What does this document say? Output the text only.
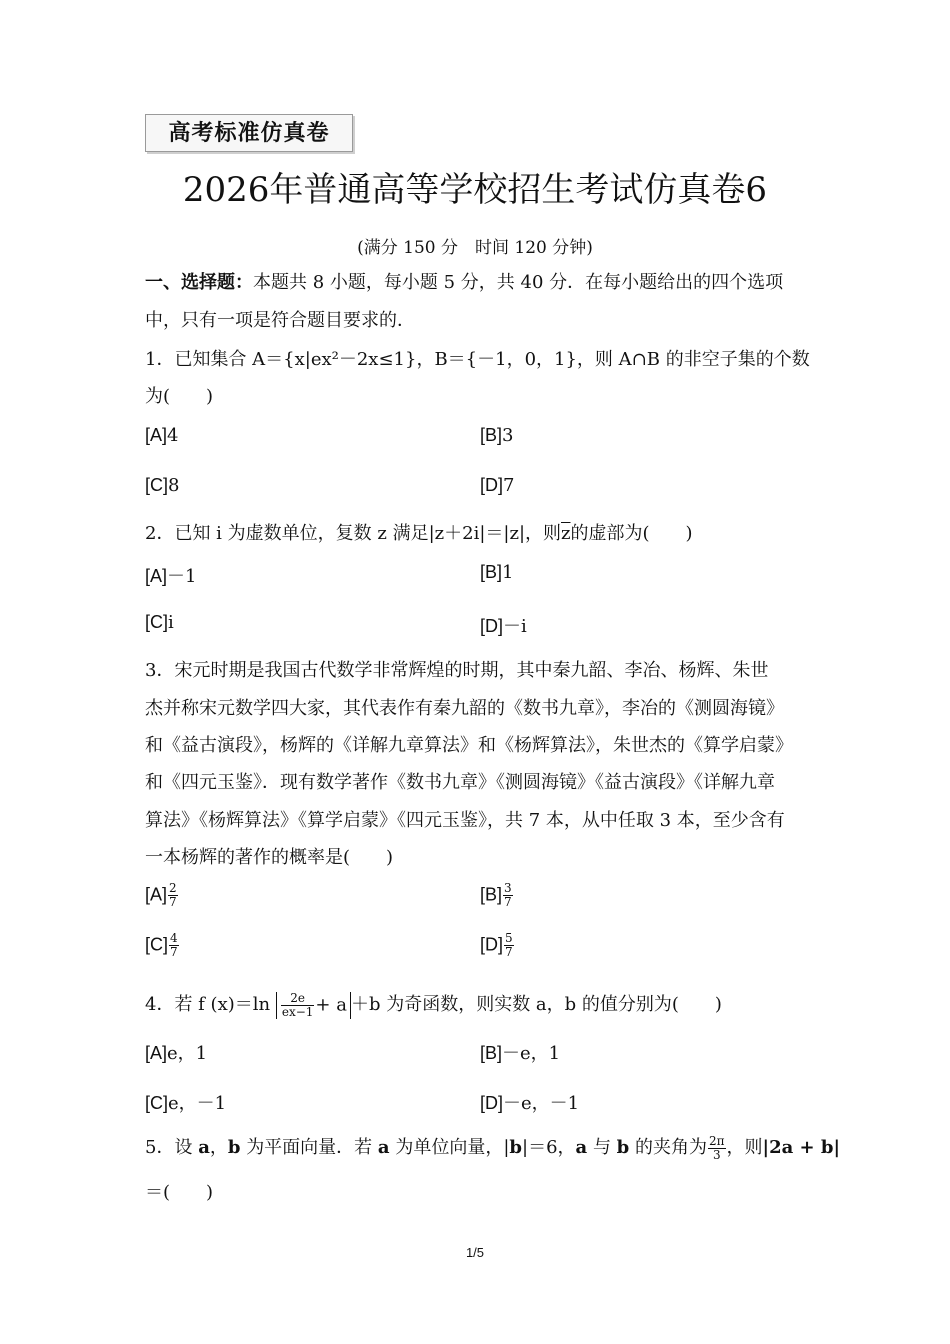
高考标准仿真卷
2026年普通高等学校招生考试仿真卷6
(满分 150 分　时间 120 分钟)
一、选择题：本题共 8 小题，每小题 5 分，共 40 分．在每小题给出的四个选项
中，只有一项是符合题目要求的．
1．已知集合 A＝{x|ex²－2x≤1}，B＝{－1，0，1}，则 A∩B 的非空子集的个数
为(　　)
[A]4	[B]3
[C]8	[D]7
2．已知 i 为虚数单位，复数 z 满足|z＋2i|＝|z|，则$\overline{z}$的虚部为(　　)
[A]－1	[B]1
[C]i	[D]－i
3．宋元时期是我国古代数学非常辉煌的时期，其中秦九韶、李冶、杨辉、朱世
杰并称宋元数学四大家，其代表作有秦九韶的《数书九章》，李冶的《测圆海镜》
和《益古演段》，杨辉的《详解九章算法》和《杨辉算法》，朱世杰的《算学启蒙》
和《四元玉鉴》．现有数学著作《数书九章》《测圆海镜》《益古演段》《详解九章
算法》《杨辉算法》《算学启蒙》《四元玉鉴》，共 7 本，从中任取 3 本，至少含有
一本杨辉的著作的概率是(　　)
$[A] \frac{2}{7}$	$[B] \frac{3}{7}$
$[C] \frac{4}{7}$	$[D] \frac{5}{7}$
4．若 f $(x)=\ln \frac{2e}{ex-1} + a +b$ 为奇函数，则实数 a，b 的值分别为(　　)
[A]e，1	[B]－e，1
[C]e，－1	[D]－e，－1
5．设 a，b 为平面向量．若 a 为单位向量，|b|＝6，a 与 b 的夹角为 $\frac{2\pi}{3}$ ，则|2a + b|
＝(　　)
1/5
